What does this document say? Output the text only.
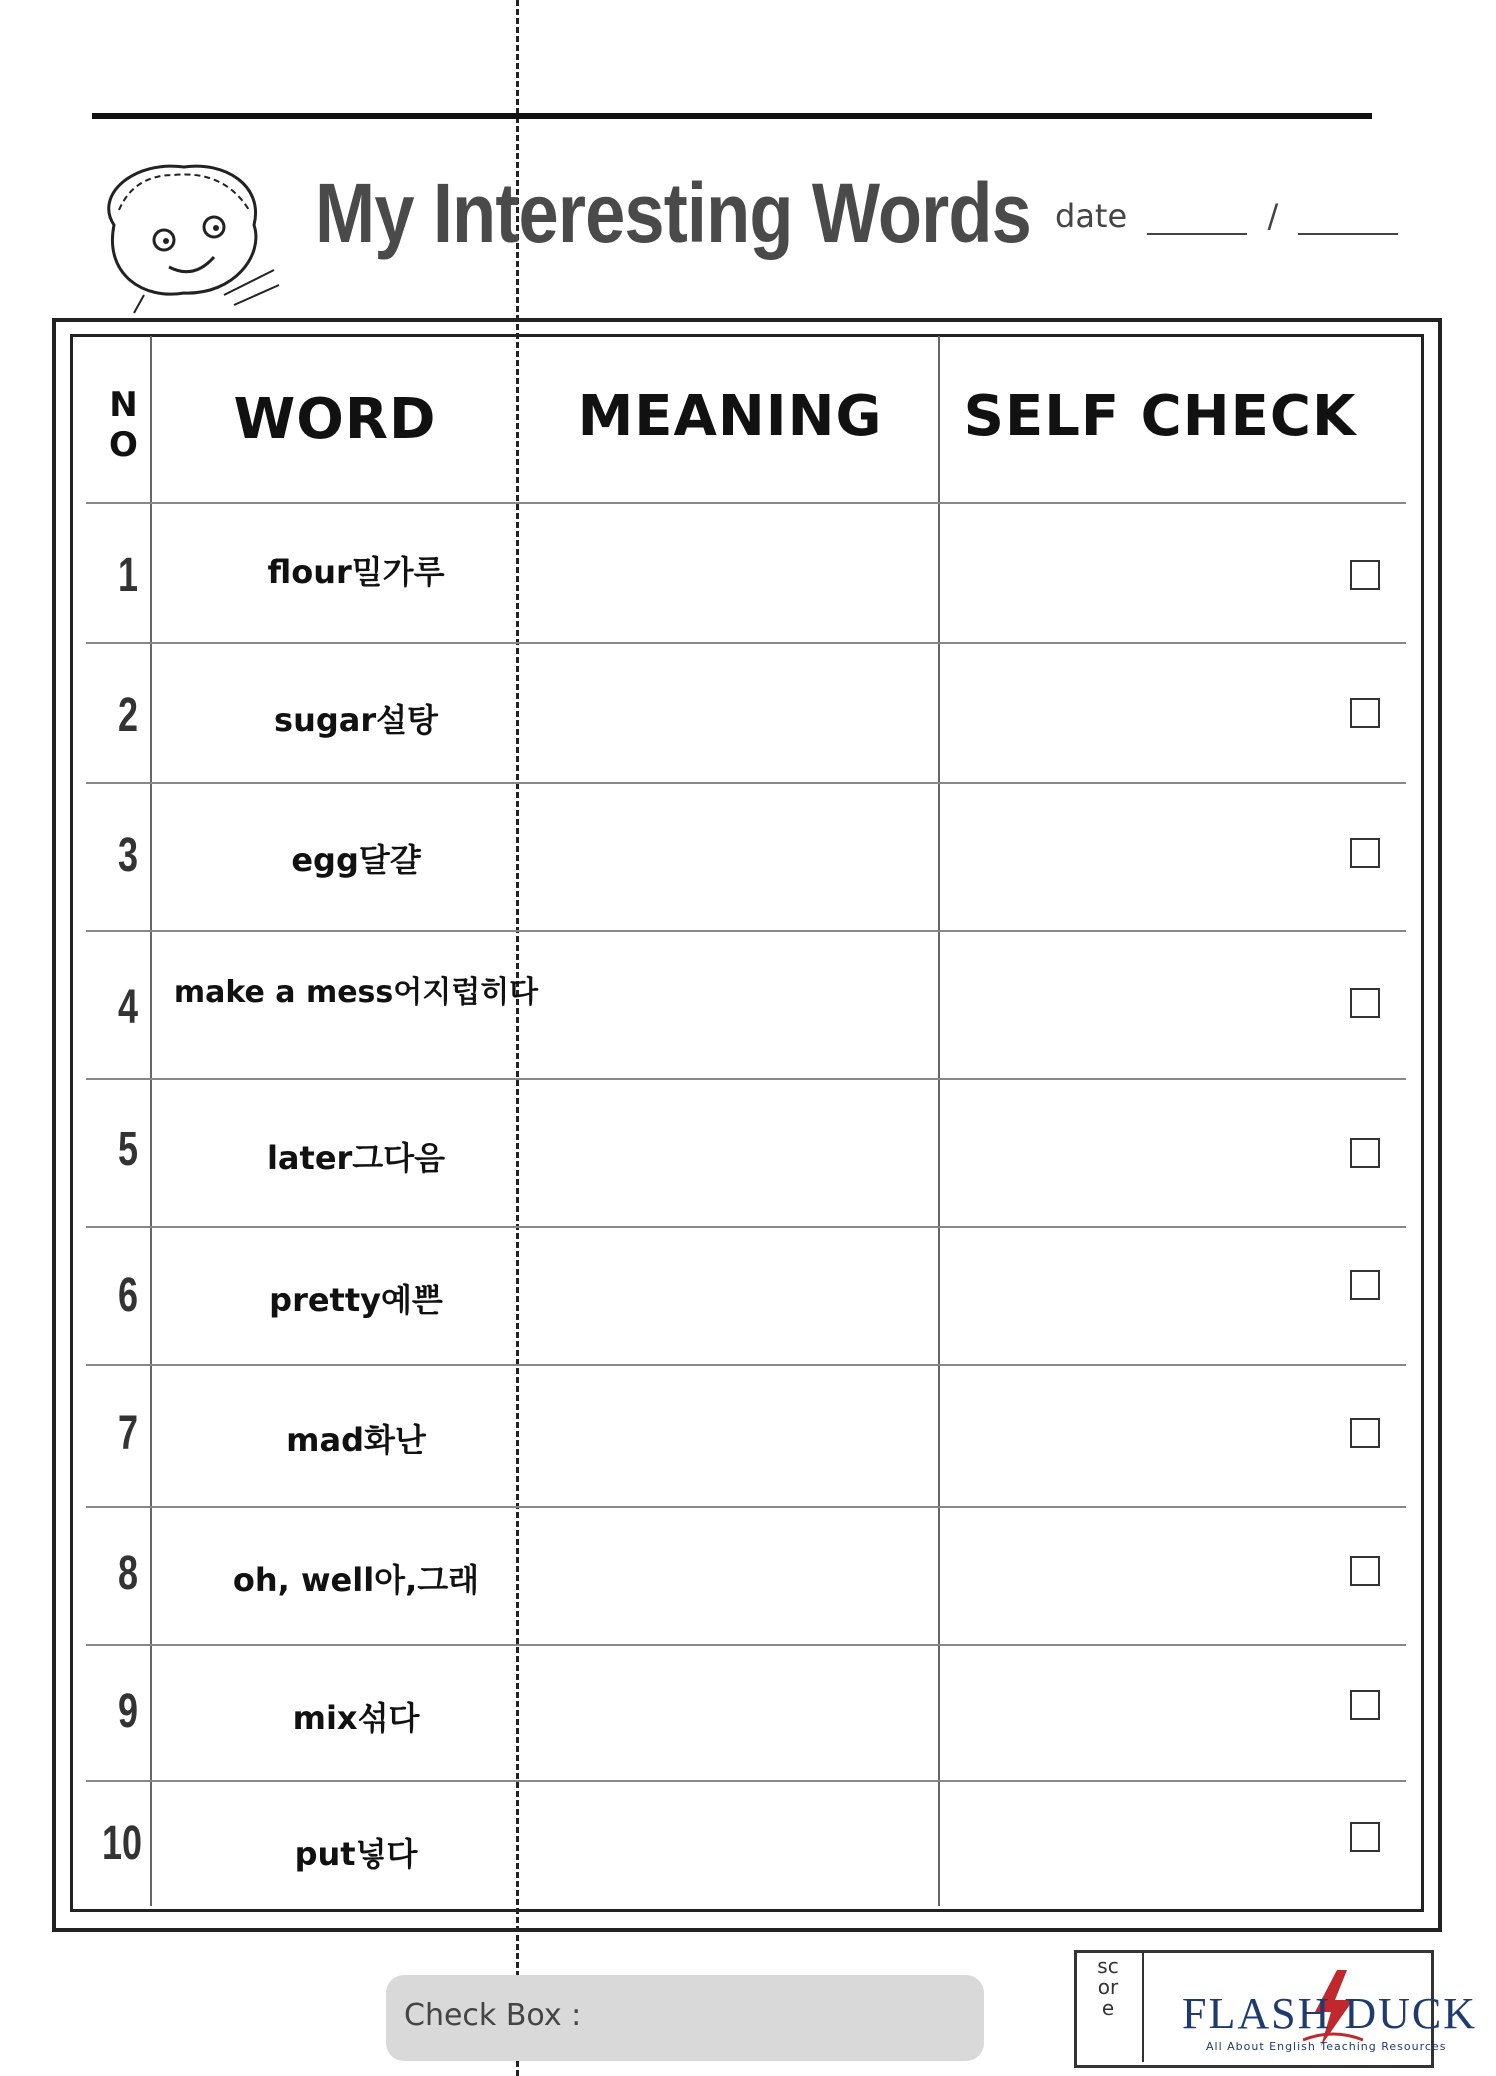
My Interesting Words date	/
NO	WORD	MEANING	SELF CHECK
1	flour밀가루
2	sugar설탕
3	egg달걀
4	make a mess어지럽히다
5	later그다음
6	pretty예쁜
7	mad화난
8	oh, well아,그래
9	mix섞다
10	put넣다
Check Box :
score FLASH DUCK
All About English Teaching Resources
